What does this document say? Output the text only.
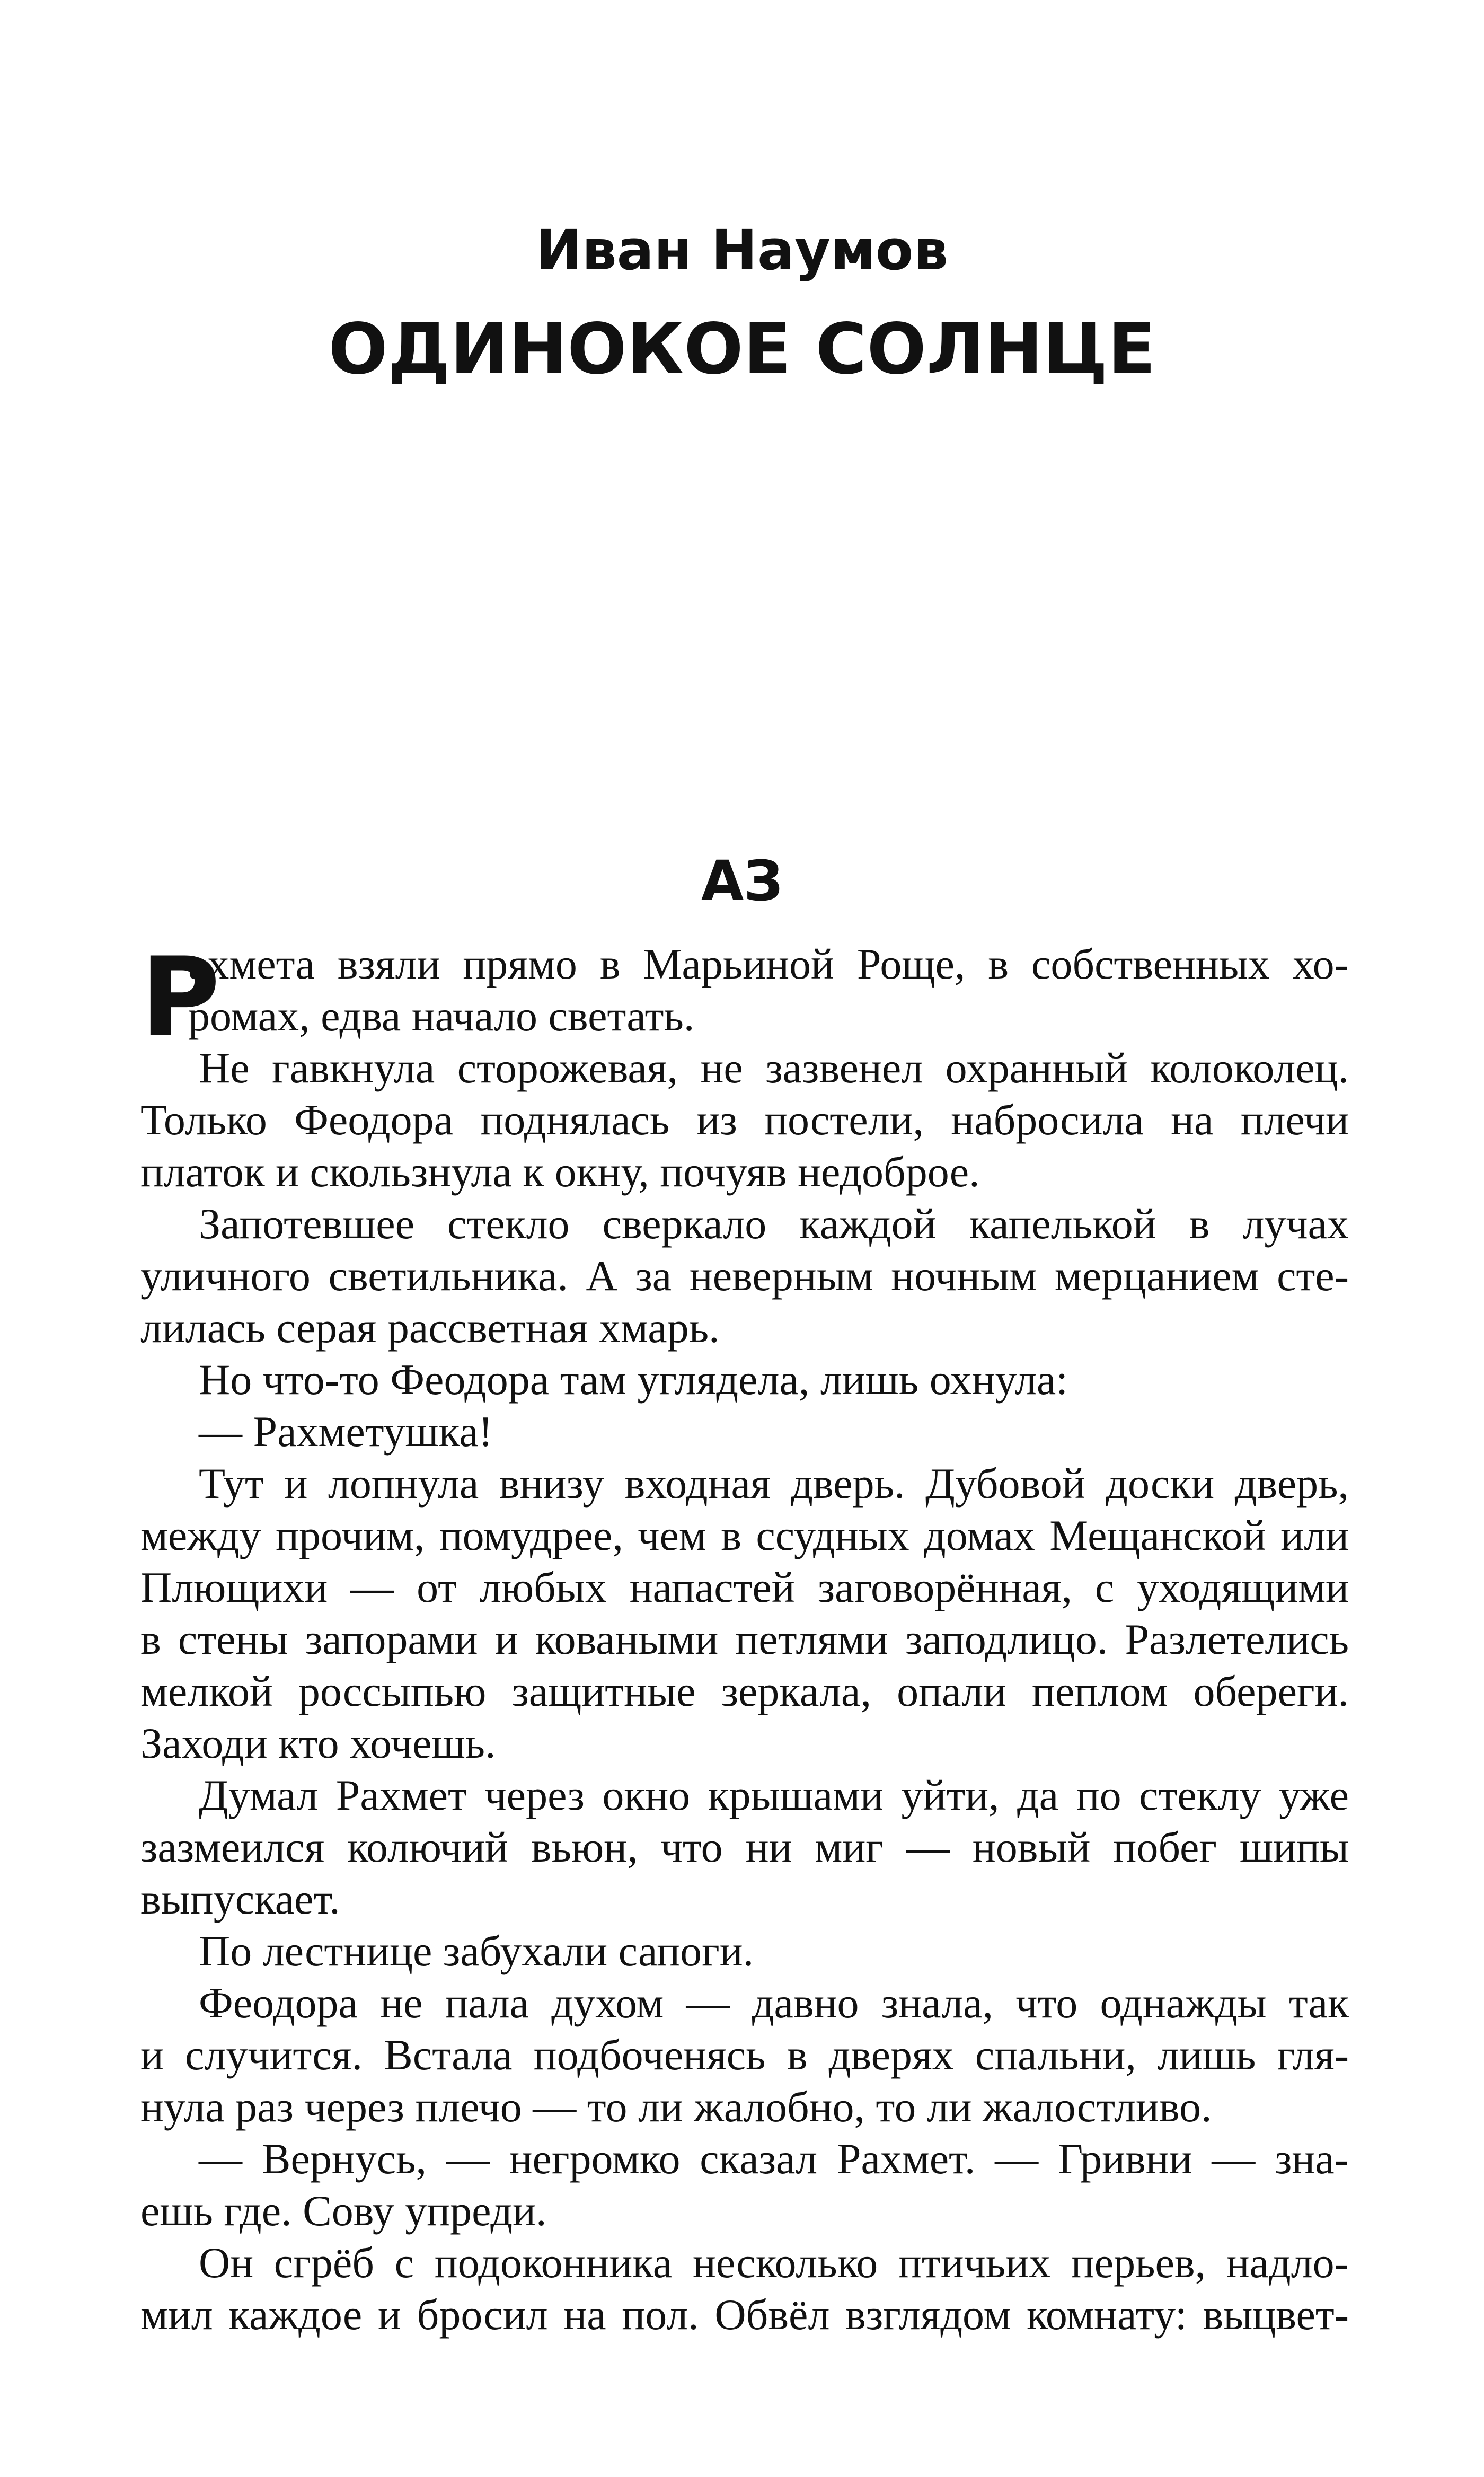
Иван Наумов
ОДИНОКОЕ СОЛНЦЕ
АЗ
Р
ахмета взяли прямо в Марьиной Роще, в собственных хо-
ромах, едва начало светать.
Не гавкнула сторожевая, не зазвенел охранный колоколец.
Только Феодора поднялась из постели, набросила на плечи
платок и скользнула к окну, почуяв недоброе.
Запотевшее стекло сверкало каждой капелькой в лучах
уличного светильника. А за неверным ночным мерцанием сте-
лилась серая рассветная хмарь.
Но что-то Феодора там углядела, лишь охнула:
— Рахметушка!
Тут и лопнула внизу входная дверь. Дубовой доски дверь,
между прочим, помудрее, чем в ссудных домах Мещанской или
Плющихи — от любых напастей заговорённая, с уходящими
в стены запорами и коваными петлями заподлицо. Разлетелись
мелкой россыпью защитные зеркала, опали пеплом обереги.
Заходи кто хочешь.
Думал Рахмет через окно крышами уйти, да по стеклу уже
зазмеился колючий вьюн, что ни миг — новый побег шипы
выпускает.
По лестнице забухали сапоги.
Феодора не пала духом — давно знала, что однажды так
и случится. Встала подбоченясь в дверях спальни, лишь гля-
нула раз через плечо — то ли жалобно, то ли жалостливо.
— Вернусь, — негромко сказал Рахмет. — Гривни — зна-
ешь где. Сову упреди.
Он сгрёб с подоконника несколько птичьих перьев, надло-
мил каждое и бросил на пол. Обвёл взглядом комнату: выцвет-
